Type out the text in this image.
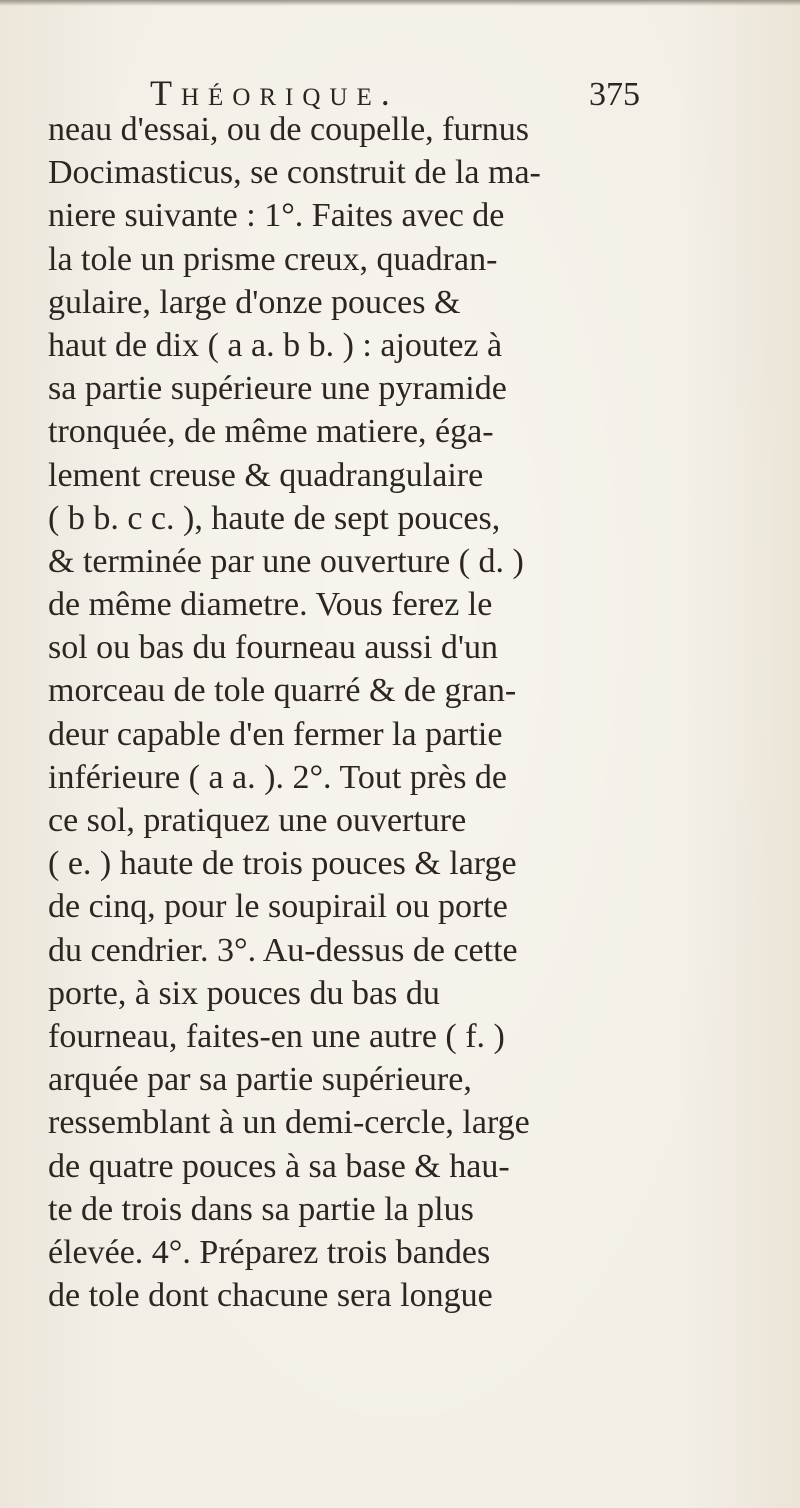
Théorique.	375
neau d'essai, ou de coupelle, furnus
Docimasticus, se construit de la ma-
niere suivante : 1°. Faites avec de
la tole un prisme creux, quadran-
gulaire, large d'onze pouces &
haut de dix ( a a. b b. ) : ajoutez à
sa partie supérieure une pyramide
tronquée, de même matiere, éga-
lement creuse & quadrangulaire
( b b. c c. ), haute de sept pouces,
& terminée par une ouverture ( d. )
de même diametre. Vous ferez le
sol ou bas du fourneau aussi d'un
morceau de tole quarré & de gran-
deur capable d'en fermer la partie
inférieure ( a a. ). 2°. Tout près de
ce sol, pratiquez une ouverture
( e. ) haute de trois pouces & large
de cinq, pour le soupirail ou porte
du cendrier. 3°. Au-dessus de cette
porte, à six pouces du bas du
fourneau, faites-en une autre ( f. )
arquée par sa partie supérieure,
ressemblant à un demi-cercle, large
de quatre pouces à sa base & hau-
te de trois dans sa partie la plus
élevée. 4°. Préparez trois bandes
de tole dont chacune sera longue
